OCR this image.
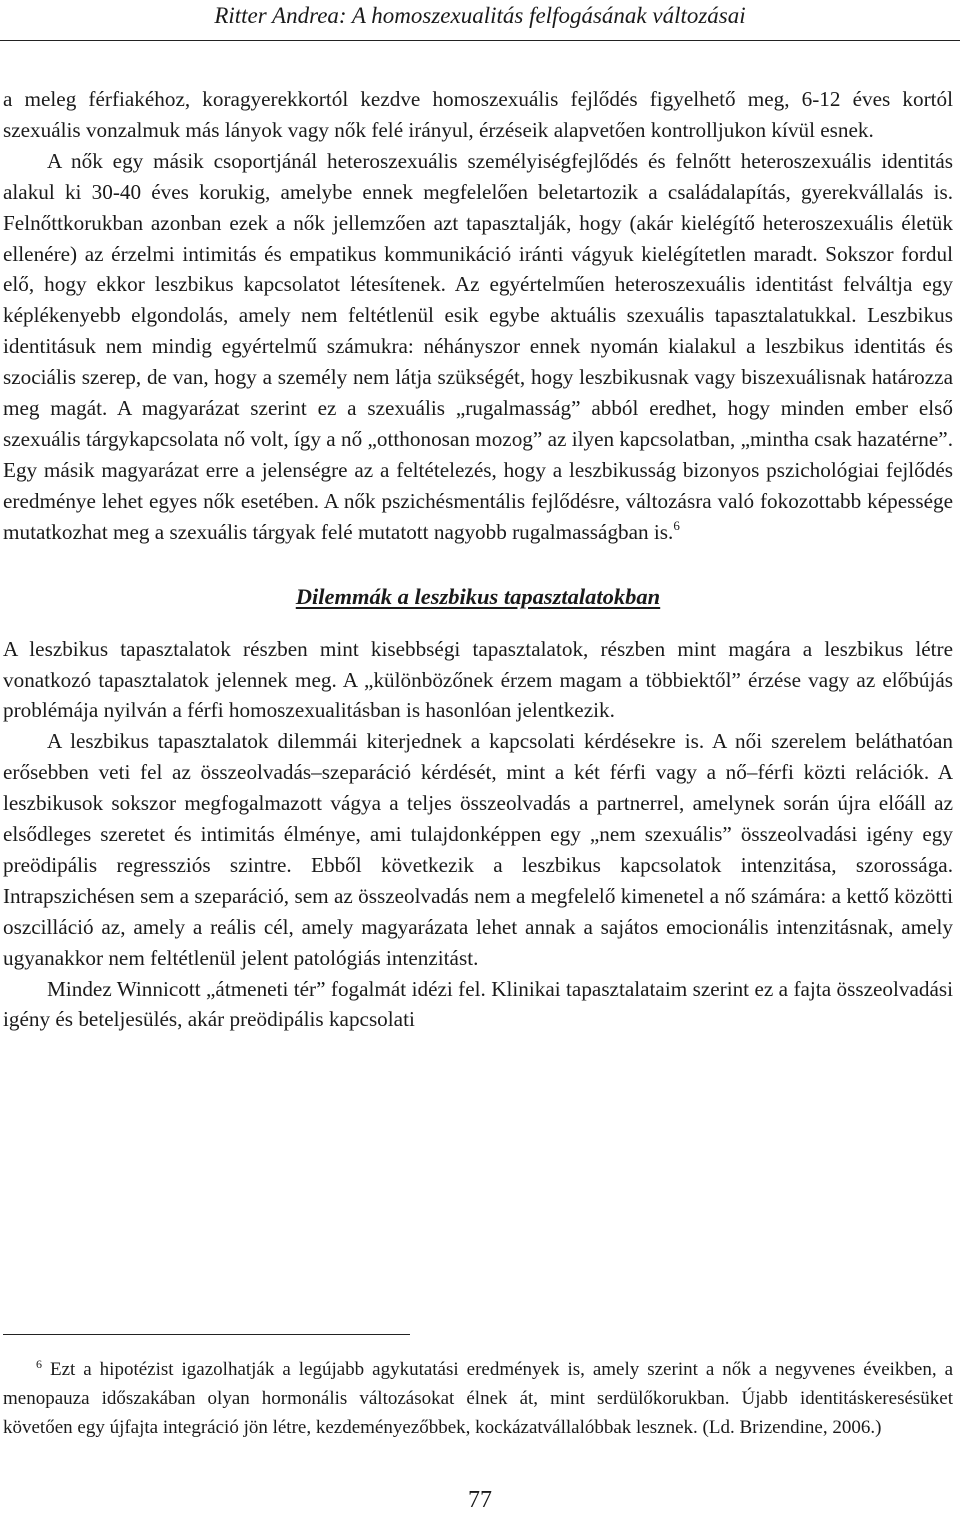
Ritter Andrea: A homoszexualitás felfogásának változásai

a meleg férfiakéhoz, koragyerekkortól kezdve homoszexuális fejlődés figyelhető meg, 6-12 éves kortól szexuális vonzalmuk más lányok vagy nők felé irányul, érzéseik alapvetően kontrolljukon kívül esnek.

A nők egy másik csoportjánál heteroszexuális személyiségfejlődés és felnőtt heteroszexuális identitás alakul ki 30-40 éves korukig, amelybe ennek megfelelően beletartozik a családalapítás, gyerekvállalás is. Felnőttkorukban azonban ezek a nők jellemzően azt tapasztalják, hogy (akár kielégítő heteroszexuális életük ellenére) az érzelmi intimitás és empatikus kommunikáció iránti vágyuk kielégítetlen maradt. Sokszor fordul elő, hogy ekkor leszbikus kapcsolatot létesítenek. Az egyértelműen heteroszexuális identitást felváltja egy képlékenyebb elgondolás, amely nem feltétlenül esik egybe aktuális szexuális tapasztalatukkal. Leszbikus identitásuk nem mindig egyértelmű számukra: néhányszor ennek nyomán kialakul a leszbikus identitás és szociális szerep, de van, hogy a személy nem látja szükségét, hogy leszbikusnak vagy biszexuálisnak határozza meg magát. A magyarázat szerint ez a szexuális „rugalmasság” abból eredhet, hogy minden ember első szexuális tárgykapcsolata nő volt, így a nő „otthonosan mozog” az ilyen kapcsolatban, „mintha csak hazatérne”. Egy másik magyarázat erre a jelenségre az a feltételezés, hogy a leszbikusság bizonyos pszichológiai fejlődés eredménye lehet egyes nők esetében. A nők pszichésmentális fejlődésre, változásra való fokozottabb képessége mutatkozhat meg a szexuális tárgyak felé mutatott nagyobb rugalmasságban is.$^6$

Dilemmák a leszbikus tapasztalatokban

A leszbikus tapasztalatok részben mint kisebbségi tapasztalatok, részben mint magára a leszbikus létre vonatkozó tapasztalatok jelennek meg. A „különbözőnek érzem magam a többiektől” érzése vagy az előbújás problémája nyilván a férfi homoszexualitásban is hasonlóan jelentkezik.

A leszbikus tapasztalatok dilemmái kiterjednek a kapcsolati kérdésekre is. A női szerelem beláthatóan erősebben veti fel az összeolvadás–szeparáció kérdését, mint a két férfi vagy a nő–férfi közti relációk. A leszbikusok sokszor megfogalmazott vágya a teljes összeolvadás a partnerrel, amelynek során újra előáll az elsődleges szeretet és intimitás élménye, ami tulajdonképpen egy „nem szexuális” összeolvadási igény egy preödipális regressziós szintre. Ebből következik a leszbikus kapcsolatok intenzitása, szorossága. Intrapszichésen sem a szeparáció, sem az összeolvadás nem a megfelelő kimenetel a nő számára: a kettő közötti oszcilláció az, amely a reális cél, amely magyarázata lehet annak a sajátos emocionális intenzitásnak, amely ugyanakkor nem feltétlenül jelent patológiás intenzitást.

Mindez Winnicott „átmeneti tér” fogalmát idézi fel. Klinikai tapasztalataim szerint ez a fajta összeolvadási igény és beteljesülés, akár preödipális kapcsolati

$^6$ Ezt a hipotézist igazolhatják a legújabb agykutatási eredmények is, amely szerint a nők a negyvenes éveikben, a menopauza időszakában olyan hormonális változásokat élnek át, mint serdülőkorukban. Újabb identitáskeresésüket követően egy újfajta integráció jön létre, kezdeményezőbbek, kockázatvállalóbbak lesznek. (Ld. Brizendine, 2006.)
77
